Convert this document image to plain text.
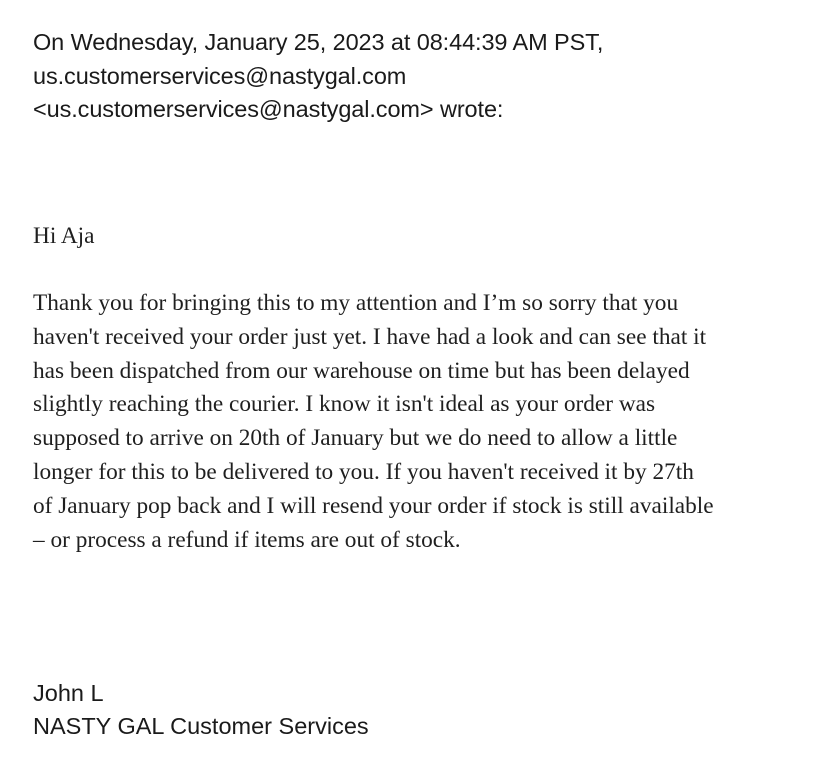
On Wednesday, January 25, 2023 at 08:44:39 AM PST,
us.customerservices@nastygal.com
<us.customerservices@nastygal.com> wrote:
Hi Aja
Thank you for bringing this to my attention and I’m so sorry that you
haven't received your order just yet. I have had a look and can see that it
has been dispatched from our warehouse on time but has been delayed
slightly reaching the courier. I know it isn't ideal as your order was
supposed to arrive on 20th of January but we do need to allow a little
longer for this to be delivered to you. If you haven't received it by 27th
of January pop back and I will resend your order if stock is still available
– or process a refund if items are out of stock.
John L
NASTY GAL Customer Services
